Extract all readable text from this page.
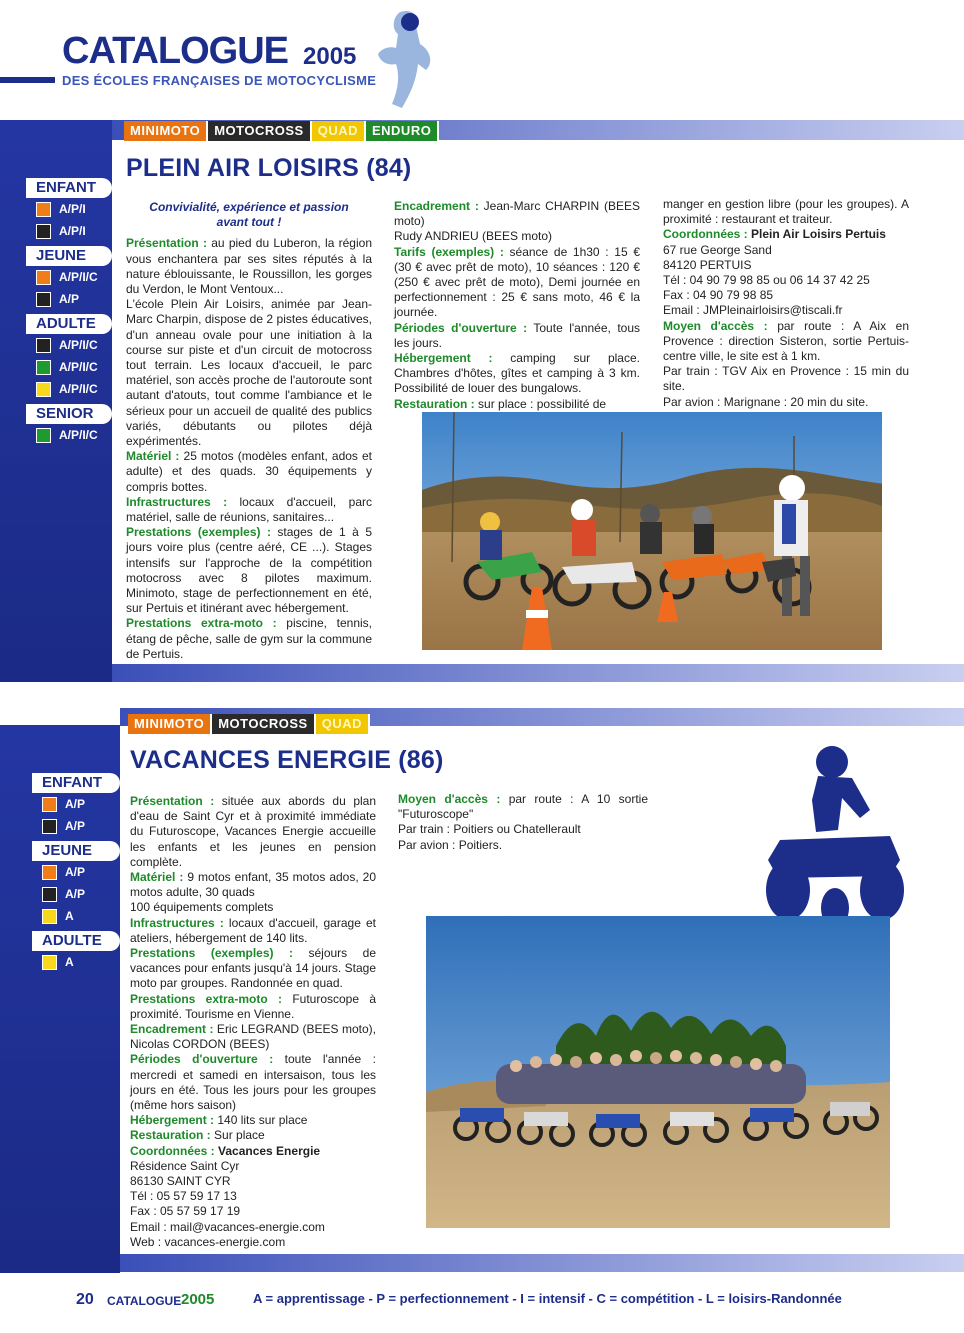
CATALOGUE 2005
DES ÉCOLES FRANÇAISES DE MOTOCYCLISME
MINIMOTO	MOTOCROSS	QUAD	ENDURO
PLEIN AIR LOISIRS (84)
ENFANT
A/P/I
A/P/I
JEUNE
A/P/I/C
A/P
ADULTE
A/P/I/C
A/P/I/C
A/P/I/C
SENIOR
A/P/I/C
Convivialité, expérience et passion
avant tout !

Présentation : au pied du Luberon, la région vous enchantera par ses sites réputés à la nature éblouissante, le Roussillon, les gorges du Verdon, le Mont Ventoux...

L'école Plein Air Loisirs, animée par Jean-Marc Charpin, dispose de 2 pistes éducatives, d'un anneau ovale pour une initiation à la course sur piste et d'un circuit de motocross tout terrain. Les locaux d'accueil, le parc matériel, son accès proche de l'autoroute sont autant d'atouts, tout comme l'ambiance et le sérieux pour un accueil de qualité des publics variés, débutants ou pilotes déjà expérimentés.

Matériel : 25 motos (modèles enfant, ados et adulte) et des quads. 30 équipements y compris bottes.

Infrastructures : locaux d'accueil, parc matériel, salle de réunions, sanitaires...

Prestations (exemples) : stages de 1 à 5 jours voire plus (centre aéré, CE ...). Stages intensifs sur l'approche de la compétition motocross avec 8 pilotes maximum. Minimoto, stage de perfectionnement en été, sur Pertuis et itinérant avec hébergement.

Prestations extra-moto : piscine, tennis, étang de pêche, salle de gym sur la commune de Pertuis.

Encadrement : Jean-Marc CHARPIN (BEES moto)

Rudy ANDRIEU (BEES moto)

Tarifs (exemples) : séance de 1h30 : 15 € (30 € avec prêt de moto), 10 séances : 120 € (250 € avec prêt de moto), Demi journée en perfectionnement : 25 € sans moto, 46 € la journée.

Périodes d'ouverture : Toute l'année, tous les jours.

Hébergement : camping sur place. Chambres d'hôtes, gîtes et camping à 3 km. Possibilité de louer des bungalows.

Restauration : sur place : possibilité de

manger en gestion libre (pour les groupes). A proximité : restaurant et traiteur.

Coordonnées : Plein Air Loisirs Pertuis

67 rue George Sand

84120 PERTUIS

Tél : 04 90 79 98 85 ou 06 14 37 42 25

Fax : 04 90 79 98 85

Email : JMPleinairloisirs@tiscali.fr

Moyen d'accès : par route : A Aix en Provence : direction Sisteron, sortie Pertuis-centre ville, le site est à 1 km.

Par train : TGV Aix en Provence : 15 min du site.

Par avion : Marignane : 20 min du site.

MINIMOTO	MOTOCROSS	QUAD
VACANCES ENERGIE (86)
ENFANT
A/P
A/P
JEUNE
A/P
A/P
A
ADULTE
A

Présentation : située aux abords du plan d'eau de Saint Cyr et à proximité immédiate du Futuroscope, Vacances Energie accueille les enfants et les jeunes en pension complète.

Matériel : 9 motos enfant, 35 motos ados, 20 motos adulte, 30 quads

100 équipements complets

Infrastructures : locaux d'accueil, garage et ateliers, hébergement de 140 lits.

Prestations (exemples) : séjours de vacances pour enfants jusqu'à 14 jours. Stage moto par groupes. Randonnée en quad.

Prestations extra-moto : Futuroscope à proximité. Tourisme en Vienne.

Encadrement : Eric LEGRAND (BEES moto), Nicolas CORDON (BEES)

Périodes d'ouverture : toute l'année : mercredi et samedi en intersaison, tous les jours en été. Tous les jours pour les groupes (même hors saison)

Hébergement : 140 lits sur place

Restauration : Sur place

Coordonnées : Vacances Energie

Résidence Saint Cyr

86130 SAINT CYR

Tél : 05 57 59 17 13

Fax : 05 57 59 17 19

Email : mail@vacances-energie.com

Web : vacances-energie.com

Moyen d'accès : par route : A 10 sortie "Futuroscope"

Par train : Poitiers ou Chatellerault

Par avion : Poitiers.

20 CATALOGUE 2005	A = apprentissage - P = perfectionnement - I = intensif - C = compétition - L = loisirs-Randonnée
